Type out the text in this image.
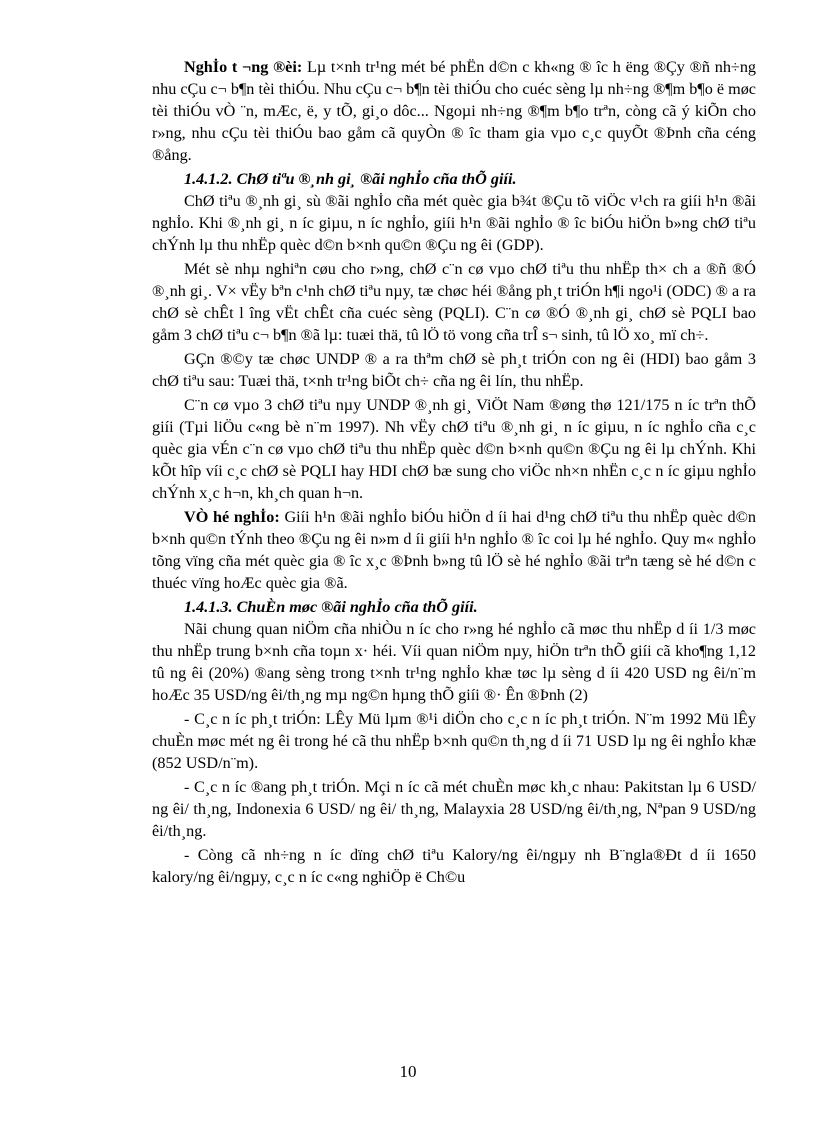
Nghİo t ¬ng ®èi: Lµ t×nh tr¹ng mét bé phËn d©n c kh«ng ® îc h ëng ®Çy ®ñ nh÷ng nhu cÇu c¬ b¶n tèi thiÓu. Nhu cÇu c¬ b¶n tèi thiÓu cho cuéc sèng lµ nh÷ng ®¶m b¶o ë møc tèi thiÓu vÒ ¨n, mÆc, ë, y tÕ, gi¸o dôc... Ngoµi nh÷ng ®¶m b¶o trªn, còng cã ý kiÕn cho r»ng, nhu cÇu tèi thiÓu bao gåm cã quyÒn ® îc tham gia vµo c¸c quyÕt ®Þnh cña céng ®ång.

1.4.1.2. ChØ tiªu ®¸nh gi¸ ®ãi nghİo cña thÕ giíi.

ChØ tiªu ®¸nh gi¸ sù ®ãi nghİo cña mét quèc gia b¾t ®Çu tõ viÖc v¹ch ra giíi h¹n ®ãi nghİo. Khi ®¸nh gi¸ n íc giµu, n íc nghİo, giíi h¹n ®ãi nghİo ® îc biÓu hiÖn b»ng chØ tiªu chÝnh lµ thu nhËp quèc d©n b×nh qu©n ®Çu ng êi (GDP).

Mét sè nhµ nghiªn cøu cho r»ng, chØ c¨n cø vµo chØ tiªu thu nhËp th× ch a ®ñ ®Ó ®¸nh gi¸. V× vËy bªn c¹nh chØ tiªu nµy, tæ chøc héi ®ång ph¸t triÓn h¶i ngo¹i (ODC) ® a ra chØ sè chÊt l îng vËt chÊt cña cuéc sèng (PQLI). C¨n cø ®Ó ®¸nh gi¸ chØ sè PQLI bao gåm 3 chØ tiªu c¬ b¶n ®ã lµ: tuæi thä, tû lÖ tö vong cña trÎ s¬ sinh, tû lÖ xo¸ mï ch÷.

GÇn ®©y tæ chøc UNDP ® a ra thªm chØ sè ph¸t triÓn con ng êi (HDI) bao gåm 3 chØ tiªu sau: Tuæi thä, t×nh tr¹ng biÕt ch÷ cña ng êi lín, thu nhËp.

C¨n cø vµo 3 chØ tiªu nµy UNDP ®¸nh gi¸ ViÖt Nam ®øng thø 121/175 n íc trªn thÕ giíi (Tµi liÖu c«ng bè n¨m 1997). Nh vËy chØ tiªu ®¸nh gi¸ n íc giµu, n íc nghİo cña c¸c quèc gia vÉn c¨n cø vµo chØ tiªu thu nhËp quèc d©n b×nh qu©n ®Çu ng êi lµ chÝnh. Khi kÕt hîp víi c¸c chØ sè PQLI hay HDI chØ bæ sung cho viÖc nh×n nhËn c¸c n íc giµu nghİo chÝnh x¸c h¬n, kh¸ch quan h¬n.

VÒ hé nghİo: Giíi h¹n ®ãi nghİo biÓu hiÖn d íi hai d¹ng chØ tiªu thu nhËp quèc d©n b×nh qu©n tÝnh theo ®Çu ng êi n»m d íi giíi h¹n nghİo ® îc coi lµ hé nghİo. Quy m« nghİo tõng vïng cña mét quèc gia ® îc x¸c ®Þnh b»ng tû lÖ sè hé nghİo ®ãi trªn tæng sè hé d©n c thuéc vïng hoÆc quèc gia ®ã.

1.4.1.3. ChuÈn møc ®ãi nghİo cña thÕ giíi.

Nãi chung quan niÖm cña nhiÒu n íc cho r»ng hé nghİo cã møc thu nhËp d íi 1/3 møc thu nhËp trung b×nh cña toµn x· héi. Víi quan niÖm nµy, hiÖn trªn thÕ giíi cã kho¶ng 1,12 tû ng êi (20%) ®ang sèng trong t×nh tr¹ng nghİo khæ tøc lµ sèng d íi 420 USD ng êi/n¨m hoÆc 35 USD/ng êi/th¸ng mµ ng©n hµng thÕ giíi ®· Ên ®Þnh (2)

- C¸c n íc ph¸t triÓn: LÊy Mü lµm ®¹i diÖn cho c¸c n íc ph¸t triÓn. N¨m 1992 Mü lÊy chuÈn møc mét ng êi trong hé cã thu nhËp b×nh qu©n th¸ng d íi 71 USD lµ ng êi nghİo khæ (852 USD/n¨m).

- C¸c n íc ®ang ph¸t triÓn. Mçi n íc cã mét chuÈn møc kh¸c nhau: Pakitstan lµ 6 USD/ ng êi/ th¸ng, Indonexia 6 USD/ ng êi/ th¸ng, Malayxia 28 USD/ng êi/th¸ng, Nªpan 9 USD/ng êi/th¸ng.

- Còng cã nh÷ng n íc dïng chØ tiªu Kalory/ng êi/ngµy nh B¨ngla®Ðt d íi 1650 kalory/ng êi/ngµy, c¸c n íc c«ng nghiÖp ë Ch©u

10
